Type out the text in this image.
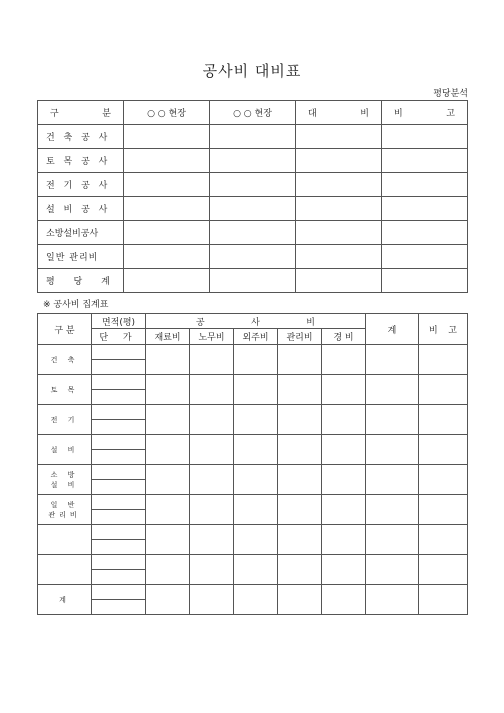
공사비 대비표
평당분석
구 분	○ ○ 현장	○ ○ 현장	대 비	비 고

건 축 공 사				
토 목 공 사				
전 기 공 사				
설 비 공 사				
소방설비공사				
일반 관리비				
평 당 계				
※ 공사비 집계표
구 분	면적(평)	공 사 비					계	비 고

	단 가	재료비	노무비	외주비	관리비	경 비		
건 축								

토 목								

전 기								

설 비								

소 방
설 비								

일 반
관리비								

계								
